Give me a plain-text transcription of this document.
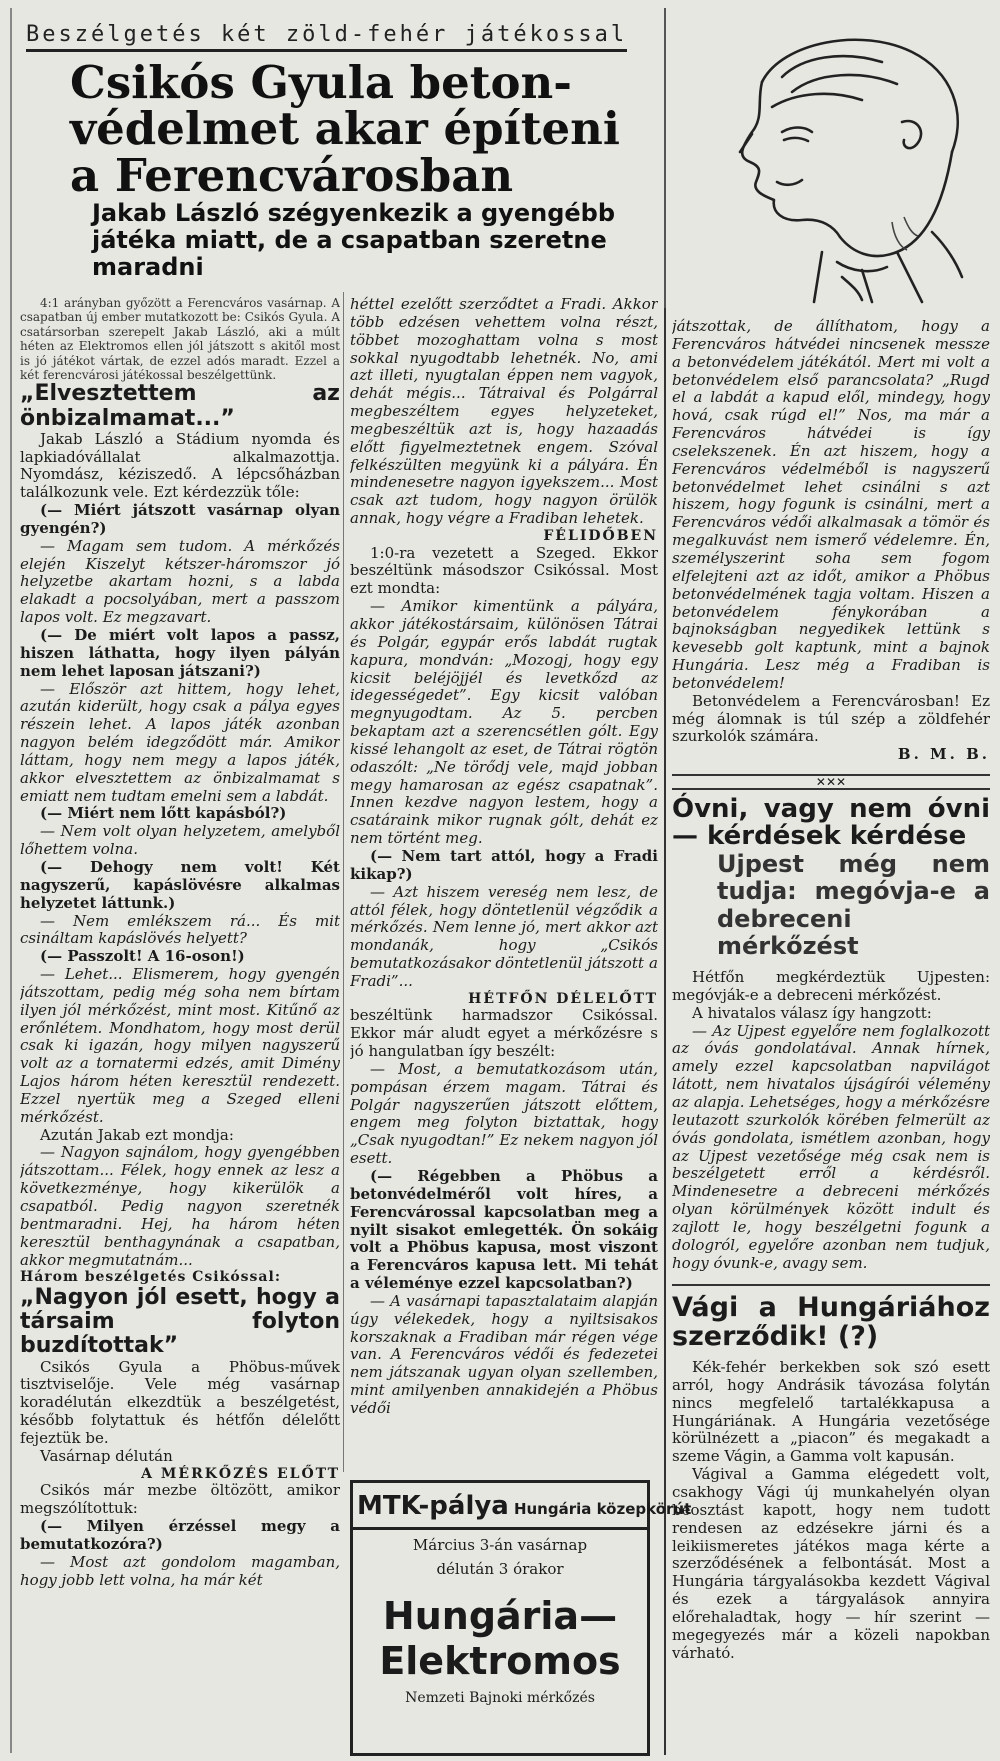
Beszélgetés két zöld-fehér játékossal
Csikós Gyula beton-védelmet akar építeni a Ferencvárosban
Jakab László szégyenkezik a gyengébb játéka miatt, de a csapatban szeretne maradni

4:1 arányban győzött a Ferencváros vasárnap. A csapatban új ember mutatkozott be: Csikós Gyula. A csatársorban szerepelt Jakab László, aki a múlt héten az Elektromos ellen jól játszott s akitől most is jó játékot vártak, de ezzel adós maradt. Ezzel a két ferencvárosi játékossal beszélgettünk.

„Elvesztettem az önbizalmamat...”

Jakab László a Stádium nyomda és lapkiadóvállalat alkalmazottja. Nyomdász, kéziszedő. A lépcsőházban találkozunk vele. Ezt kérdezzük tőle:

(— Miért játszott vasárnap olyan gyengén?)

— Magam sem tudom. A mérkőzés elején Kiszelyt kétszer-háromszor jó helyzetbe akartam hozni, s a labda elakadt a pocsolyában, mert a passzom lapos volt. Ez megzavart.

(— De miért volt lapos a passz, hiszen láthatta, hogy ilyen pályán nem lehet laposan játszani?)

— Először azt hittem, hogy lehet, azután kiderült, hogy csak a pálya egyes részein lehet. A lapos játék azonban nagyon belém idegződött már. Amikor láttam, hogy nem megy a lapos játék, akkor elvesztettem az önbizalmamat s emiatt nem tudtam emelni sem a labdát.

(— Miért nem lőtt kapásból?)

— Nem volt olyan helyzetem, amelyből lőhettem volna.

(— Dehogy nem volt! Két nagyszerű, kapáslövésre alkalmas helyzetet láttunk.)

— Nem emlékszem rá... És mit csináltam kapáslövés helyett?

(— Passzolt! A 16-oson!)

— Lehet... Elismerem, hogy gyengén játszottam, pedig még soha nem bírtam ilyen jól mérkőzést, mint most. Kitűnő az erőnlétem. Mondhatom, hogy most derül csak ki igazán, hogy milyen nagyszerű volt az a tornatermi edzés, amit Dimény Lajos három héten keresztül rendezett. Ezzel nyertük meg a Szeged elleni mérkőzést.

Azután Jakab ezt mondja:

— Nagyon sajnálom, hogy gyengébben játszottam... Félek, hogy ennek az lesz a következménye, hogy kikerülök a csapatból. Pedig nagyon szeretnék bentmaradni. Hej, ha három héten keresztül benthagynának a csapatban, akkor megmutatnám...

Három beszélgetés Csikóssal:

„Nagyon jól esett, hogy a társaim folyton buzdítottak”

Csikós Gyula a Phöbus-művek tisztviselője. Vele még vasárnap koradélután elkezdtük a beszélgetést, később folytattuk és hétfőn délelőtt fejeztük be.

Vasárnap délután

A MÉRKŐZÉS ELŐTT

Csikós már mezbe öltözött, amikor megszólítottuk:

(— Milyen érzéssel megy a bemutatkozóra?)

— Most azt gondolom magamban, hogy jobb lett volna, ha már két

héttel ezelőtt szerződtet a Fradi. Akkor több edzésen vehettem volna részt, többet mozoghattam volna s most sokkal nyugodtabb lehetnék. No, ami azt illeti, nyugtalan éppen nem vagyok, dehát mégis... Tátraival és Polgárral megbeszéltem egyes helyzeteket, megbeszéltük azt is, hogy hazaadás előtt figyelmeztetnek engem. Szóval felkészülten megyünk ki a pályára. Én mindenesetre nagyon igyekszem... Most csak azt tudom, hogy nagyon örülök annak, hogy végre a Fradiban lehetek.

FÉLIDŐBEN

1:0-ra vezetett a Szeged. Ekkor beszéltünk másodszor Csikóssal. Most ezt mondta:

— Amikor kimentünk a pályára, akkor játékostársaim, különösen Tátrai és Polgár, egypár erős labdát rugtak kapura, mondván: „Mozogj, hogy egy kicsit beléjöjjél és levetkőzd az idegességedet”. Egy kicsit valóban megnyugodtam. Az 5. percben bekaptam azt a szerencsétlen gólt. Egy kissé lehangolt az eset, de Tátrai rögtön odaszólt: „Ne törődj vele, majd jobban megy hamarosan az egész csapatnak”. Innen kezdve nagyon lestem, hogy a csatáraink mikor rugnak gólt, dehát ez nem történt meg.

(— Nem tart attól, hogy a Fradi kikap?)

— Azt hiszem vereség nem lesz, de attól félek, hogy döntetlenül végződik a mérkőzés. Nem lenne jó, mert akkor azt mondanák, hogy „Csikós bemutatkozásakor döntetlenül játszott a Fradi”...

HÉTFŐN DÉLELŐTT

beszéltünk harmadszor Csikóssal. Ekkor már aludt egyet a mérkőzésre s jó hangulatban így beszélt:

— Most, a bemutatkozásom után, pompásan érzem magam. Tátrai és Polgár nagyszerűen játszott előttem, engem meg folyton biztattak, hogy „Csak nyugodtan!” Ez nekem nagyon jól esett.

(— Régebben a Phöbus a betonvédelméről volt híres, a Ferencvárossal kapcsolatban meg a nyilt sisakot emlegették. Ön sokáig volt a Phöbus kapusa, most viszont a Ferencváros kapusa lett. Mi tehát a véleménye ezzel kapcsolatban?)

— A vasárnapi tapasztalataim alapján úgy vélekedek, hogy a nyiltsisakos korszaknak a Fradiban már régen vége van. A Ferencváros védői és fedezetei nem játszanak ugyan olyan szellemben, mint amilyenben annakidején a Phöbus védői

MTK-pálya Hungária közepkörút
Március 3-án vasárnap
délután 3 órakor
Hungária—
Elektromos
Nemzeti Bajnoki mérkőzés

játszottak, de állíthatom, hogy a Ferencváros hátvédei nincsenek messze a betonvédelem játékától. Mert mi volt a betonvédelem első parancsolata? „Rugd el a labdát a kapud elől, mindegy, hogy hová, csak rúgd el!” Nos, ma már a Ferencváros hátvédei is így cselekszenek. Én azt hiszem, hogy a Ferencváros védelméből is nagyszerű betonvédelmet lehet csinálni s azt hiszem, hogy fogunk is csinálni, mert a Ferencváros védői alkalmasak a tömör és megalkuvást nem ismerő védelemre. Én, személyszerint soha sem fogom elfelejteni azt az időt, amikor a Phöbus betonvédelmének tagja voltam. Hiszen a betonvédelem fénykorában a bajnokságban negyedikek lettünk s kevesebb golt kaptunk, mint a bajnok Hungária. Lesz még a Fradiban is betonvédelem!

Betonvédelem a Ferencvárosban! Ez még álomnak is túl szép a zöldfehér szurkolók számára.

B. M. B.

✕✕✕
Óvni, vagy nem óvni — kérdések kérdése
Ujpest még nem tudja: megóvja-e a debreceni mérkőzést

Hétfőn megkérdeztük Ujpesten: megóvják-e a debreceni mérkőzést.

A hivatalos válasz így hangzott:

— Az Ujpest egyelőre nem foglalkozott az óvás gondolatával. Annak hírnek, amely ezzel kapcsolatban napvilágot látott, nem hivatalos újságírói vélemény az alapja. Lehetséges, hogy a mérkőzésre leutazott szurkolók körében felmerült az óvás gondolata, ismétlem azonban, hogy az Ujpest vezetősége még csak nem is beszélgetett erről a kérdésről. Mindenesetre a debreceni mérkőzés olyan körülmények között indult és zajlott le, hogy beszélgetni fogunk a dologról, egyelőre azonban nem tudjuk, hogy óvunk-e, avagy sem.

Vági a Hungáriához szerződik! (?)

Kék-fehér berkekben sok szó esett arról, hogy Andrásik távozása folytán nincs megfelelő tartalékkapusa a Hungáriának. A Hungária vezetősége körülnézett a „piacon” és megakadt a szeme Vágin, a Gamma volt kapusán.

Vágival a Gamma elégedett volt, csakhogy Vági új munkahelyén olyan beosztást kapott, hogy nem tudott rendesen az edzésekre járni és a leikiismeretes játékos maga kérte a szerződésének a felbontását. Most a Hungária tárgyalásokba kezdett Vágival és ezek a tárgyalások annyira előrehaladtak, hogy — hír szerint — megegyezés már a közeli napokban várható.
